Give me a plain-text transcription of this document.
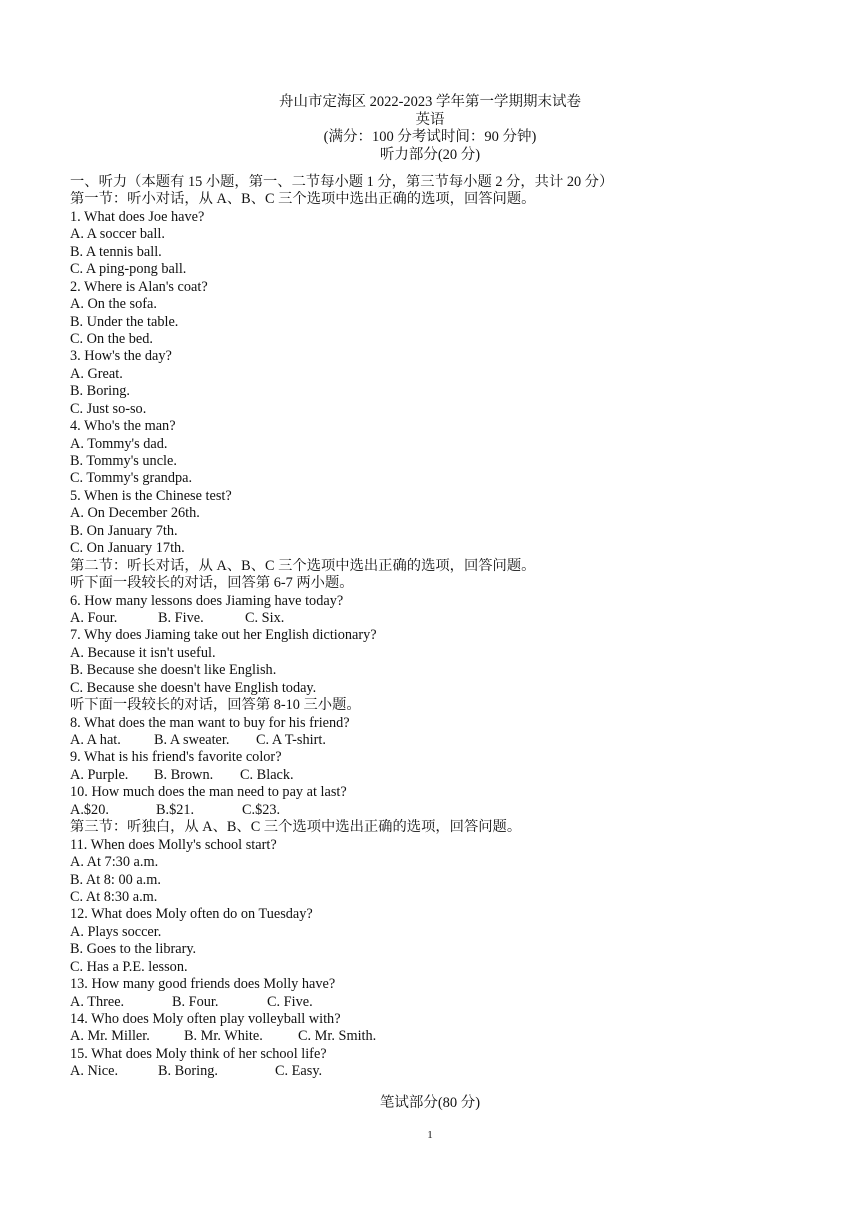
舟山市定海区 2022-2023 学年第一学期期末试卷
英语
(满分：100 分考试时间：90 分钟)
听力部分(20 分)
一、听力（本题有 15 小题，第一、二节每小题 1 分，第三节每小题 2 分，共计 20 分）
第一节：听小对话，从 A、B、C 三个选项中选出正确的选项，回答问题。
1. What does Joe have?
A. A soccer ball.
B. A tennis ball.
C. A ping-pong ball.
2. Where is Alan's coat?
A. On the sofa.
B. Under the table.
C. On the bed.
3. How's the day?
A. Great.
B. Boring.
C. Just so-so.
4. Who's the man?
A. Tommy's dad.
B. Tommy's uncle.
C. Tommy's grandpa.
5. When is the Chinese test?
A. On December 26th.
B. On January 7th.
C. On January 17th.
第二节：听长对话，从 A、B、C 三个选项中选出正确的选项，回答问题。
听下面一段较长的对话，回答第 6-7 两小题。
6. How many lessons does Jiaming have today?
A. Four.	B. Five.	C. Six.
7. Why does Jiaming take out her English dictionary?
A. Because it isn't useful.
B. Because she doesn't like English.
C. Because she doesn't have English today.
听下面一段较长的对话，回答第 8-10 三小题。
8. What does the man want to buy for his friend?
A. A hat. B. A sweater. C. A T-shirt.
9. What is his friend's favorite color?
A. Purple. B. Brown. C. Black.
10. How much does the man need to pay at last?
A.$20.	B.$21.	C.$23.
第三节：听独白，从 A、B、C 三个选项中选出正确的选项，回答问题。
11. When does Molly's school start?
A. At 7:30 a.m.
B. At 8: 00 a.m.
C. At 8:30 a.m.
12. What does Moly often do on Tuesday?
A. Plays soccer.
B. Goes to the library.
C. Has a P.E. lesson.
13. How many good friends does Molly have?
A. Three.	B. Four.	C. Five.
14. Who does Moly often play volleyball with?
A. Mr. Miller. B. Mr. White. C. Mr. Smith.
15. What does Moly think of her school life?
A. Nice.	B. Boring.	C. Easy.
笔试部分(80 分)
1
